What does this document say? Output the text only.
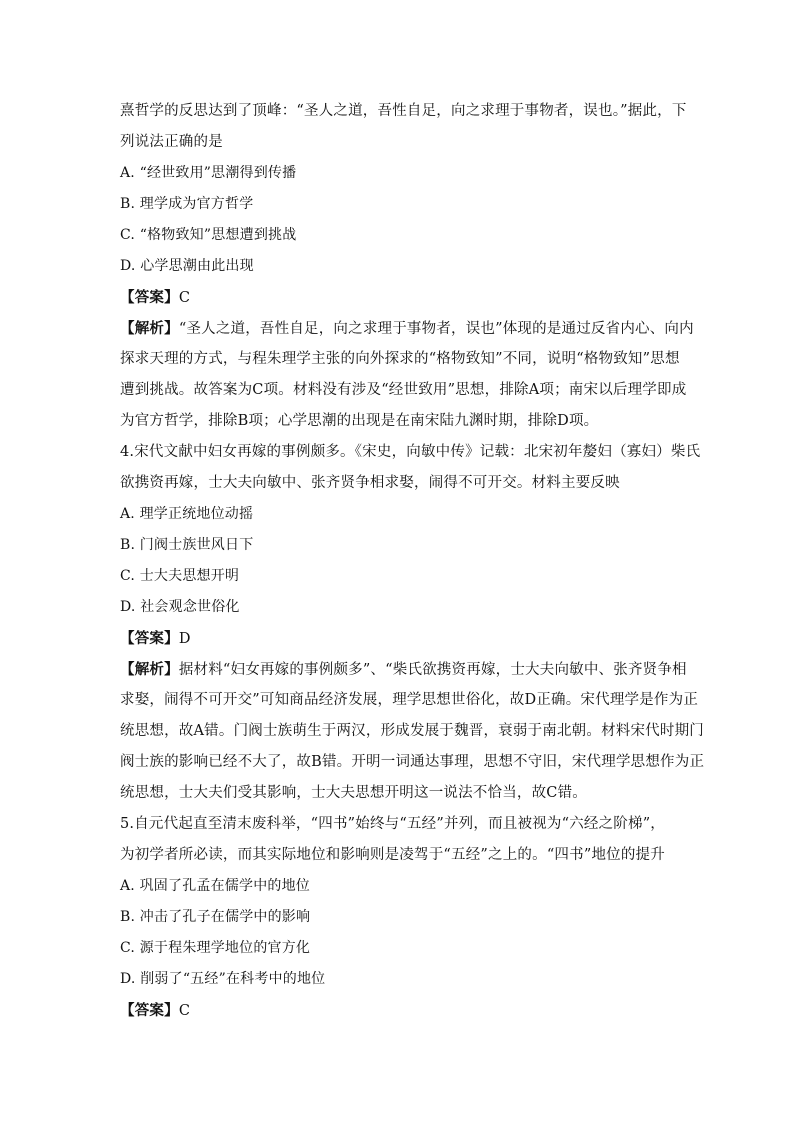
熹哲学的反思达到了顶峰：“圣人之道，吾性自足，向之求理于事物者，误也。”据此，下
列说法正确的是
A. “经世致用”思潮得到传播
B. 理学成为官方哲学
C. “格物致知”思想遭到挑战
D. 心学思潮由此出现
【答案】C
【解析】“圣人之道，吾性自足，向之求理于事物者，误也”体现的是通过反省内心、向内
探求天理的方式，与程朱理学主张的向外探求的“格物致知”不同，说明“格物致知”思想
遭到挑战。故答案为C项。材料没有涉及“经世致用”思想，排除A项；南宋以后理学即成
为官方哲学，排除B项；心学思潮的出现是在南宋陆九渊时期，排除D项。
4.宋代文献中妇女再嫁的事例颇多。《宋史，向敏中传》记载：北宋初年嫠妇（寡妇）柴氏
欲携资再嫁，士大夫向敏中、张齐贤争相求娶，闹得不可开交。材料主要反映
A. 理学正统地位动摇
B. 门阀士族世风日下
C. 士大夫思想开明
D. 社会观念世俗化
【答案】D
【解析】据材料“妇女再嫁的事例颇多”、“柴氏欲携资再嫁，士大夫向敏中、张齐贤争相
求娶，闹得不可开交”可知商品经济发展，理学思想世俗化，故D正确。宋代理学是作为正
统思想，故A错。门阀士族萌生于两汉，形成发展于魏晋，衰弱于南北朝。材料宋代时期门
阀士族的影响已经不大了，故B错。开明一词通达事理，思想不守旧，宋代理学思想作为正
统思想，士大夫们受其影响，士大夫思想开明这一说法不恰当，故C错。
5.自元代起直至清末废科举，“四书”始终与“五经”并列，而且被视为“六经之阶梯”，
为初学者所必读，而其实际地位和影响则是凌驾于“五经”之上的。“四书”地位的提升
A. 巩固了孔孟在儒学中的地位
B. 冲击了孔子在儒学中的影响
C. 源于程朱理学地位的官方化
D. 削弱了“五经”在科考中的地位
【答案】C
